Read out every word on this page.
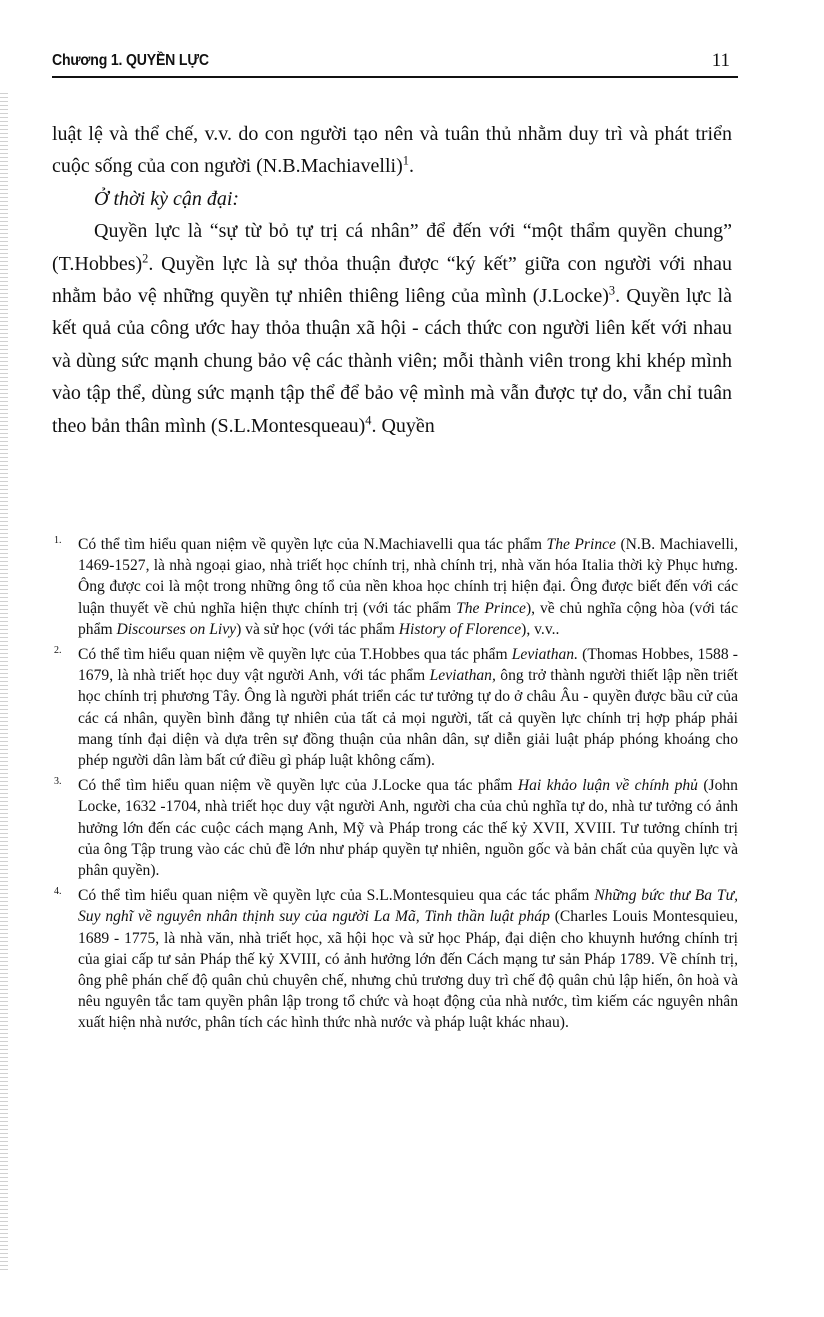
Chương 1. QUYỀN LỰC	11

luật lệ và thể chế, v.v. do con người tạo nên và tuân thủ nhằm duy trì và phát triển cuộc sống của con người (N.B.Machiavelli)$^1$.

Ở thời kỳ cận đại:

Quyền lực là “sự từ bỏ tự trị cá nhân” để đến với “một thẩm quyền chung” (T.Hobbes)$^2$. Quyền lực là sự thỏa thuận được “ký kết” giữa con người với nhau nhằm bảo vệ những quyền tự nhiên thiêng liêng của mình (J.Locke)$^3$. Quyền lực là kết quả của công ước hay thỏa thuận xã hội - cách thức con người liên kết với nhau và dùng sức mạnh chung bảo vệ các thành viên; mỗi thành viên trong khi khép mình vào tập thể, dùng sức mạnh tập thể để bảo vệ mình mà vẫn được tự do, vẫn chỉ tuân theo bản thân mình (S.L.Montesqueau)$^4$. Quyền

1. Có thể tìm hiểu quan niệm về quyền lực của N.Machiavelli qua tác phẩm The Prince (N.B. Machiavelli, 1469-1527, là nhà ngoại giao, nhà triết học chính trị, nhà chính trị, nhà văn hóa Italia thời kỳ Phục hưng. Ông được coi là một trong những ông tổ của nền khoa học chính trị hiện đại. Ông được biết đến với các luận thuyết về chủ nghĩa hiện thực chính trị (với tác phẩm The Prince), về chủ nghĩa cộng hòa (với tác phẩm Discourses on Livy) và sử học (với tác phẩm History of Florence), v.v..
2. Có thể tìm hiểu quan niệm về quyền lực của T.Hobbes qua tác phẩm Leviathan. (Thomas Hobbes, 1588 - 1679, là nhà triết học duy vật người Anh, với tác phẩm Leviathan, ông trở thành người thiết lập nền triết học chính trị phương Tây. Ông là người phát triển các tư tưởng tự do ở châu Âu - quyền được bầu cử của các cá nhân, quyền bình đẳng tự nhiên của tất cả mọi người, tất cả quyền lực chính trị hợp pháp phải mang tính đại diện và dựa trên sự đồng thuận của nhân dân, sự diễn giải luật pháp phóng khoáng cho phép người dân làm bất cứ điều gì pháp luật không cấm).
3. Có thể tìm hiểu quan niệm về quyền lực của J.Locke qua tác phẩm Hai khảo luận về chính phủ (John Locke, 1632 -1704, nhà triết học duy vật người Anh, người cha của chủ nghĩa tự do, nhà tư tưởng có ảnh hưởng lớn đến các cuộc cách mạng Anh, Mỹ và Pháp trong các thế kỷ XVII, XVIII. Tư tưởng chính trị của ông Tập trung vào các chủ đề lớn như pháp quyền tự nhiên, nguồn gốc và bản chất của quyền lực và phân quyền).
4. Có thể tìm hiểu quan niệm về quyền lực của S.L.Montesquieu qua các tác phẩm Những bức thư Ba Tư, Suy nghĩ về nguyên nhân thịnh suy của người La Mã, Tinh thần luật pháp (Charles Louis Montesquieu, 1689 - 1775, là nhà văn, nhà triết học, xã hội học và sử học Pháp, đại diện cho khuynh hướng chính trị của giai cấp tư sản Pháp thế kỷ XVIII, có ảnh hưởng lớn đến Cách mạng tư sản Pháp 1789. Về chính trị, ông phê phán chế độ quân chủ chuyên chế, nhưng chủ trương duy trì chế độ quân chủ lập hiến, ôn hoà và nêu nguyên tắc tam quyền phân lập trong tổ chức và hoạt động của nhà nước, tìm kiếm các nguyên nhân xuất hiện nhà nước, phân tích các hình thức nhà nước và pháp luật khác nhau).
